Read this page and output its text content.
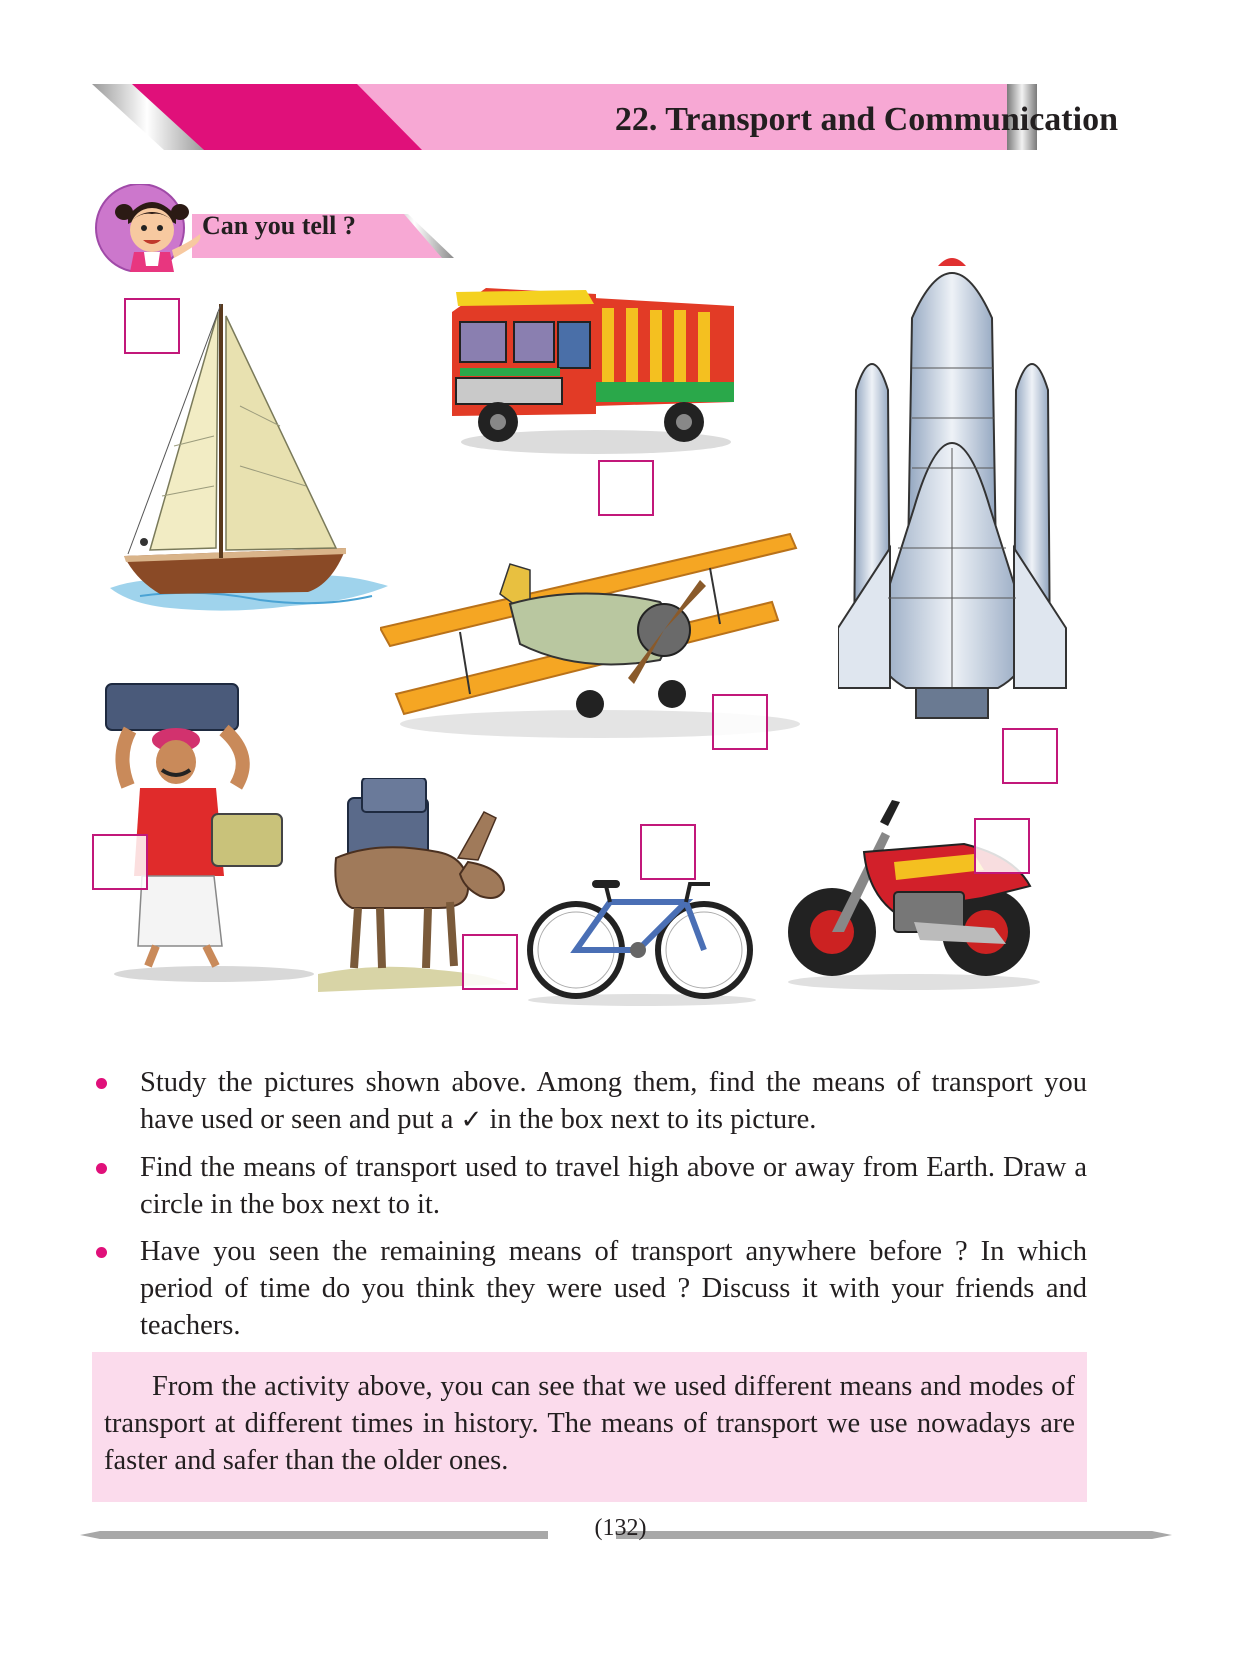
22. Transport and Communication
Can you tell ?
Study the pictures shown above. Among them, find the means of transport you have used or seen and put a ✓ in the box next to its picture.
Find the means of transport used to travel high above or away from Earth. Draw a circle in the box next to it.
Have you seen the remaining means of transport anywhere before ? In which period of time do you think they were used ? Discuss it with your friends and teachers.

From the activity above, you can see that we used different means and modes of transport at different times in history. The means of transport we use nowadays are faster and safer than the older ones.

(132)
